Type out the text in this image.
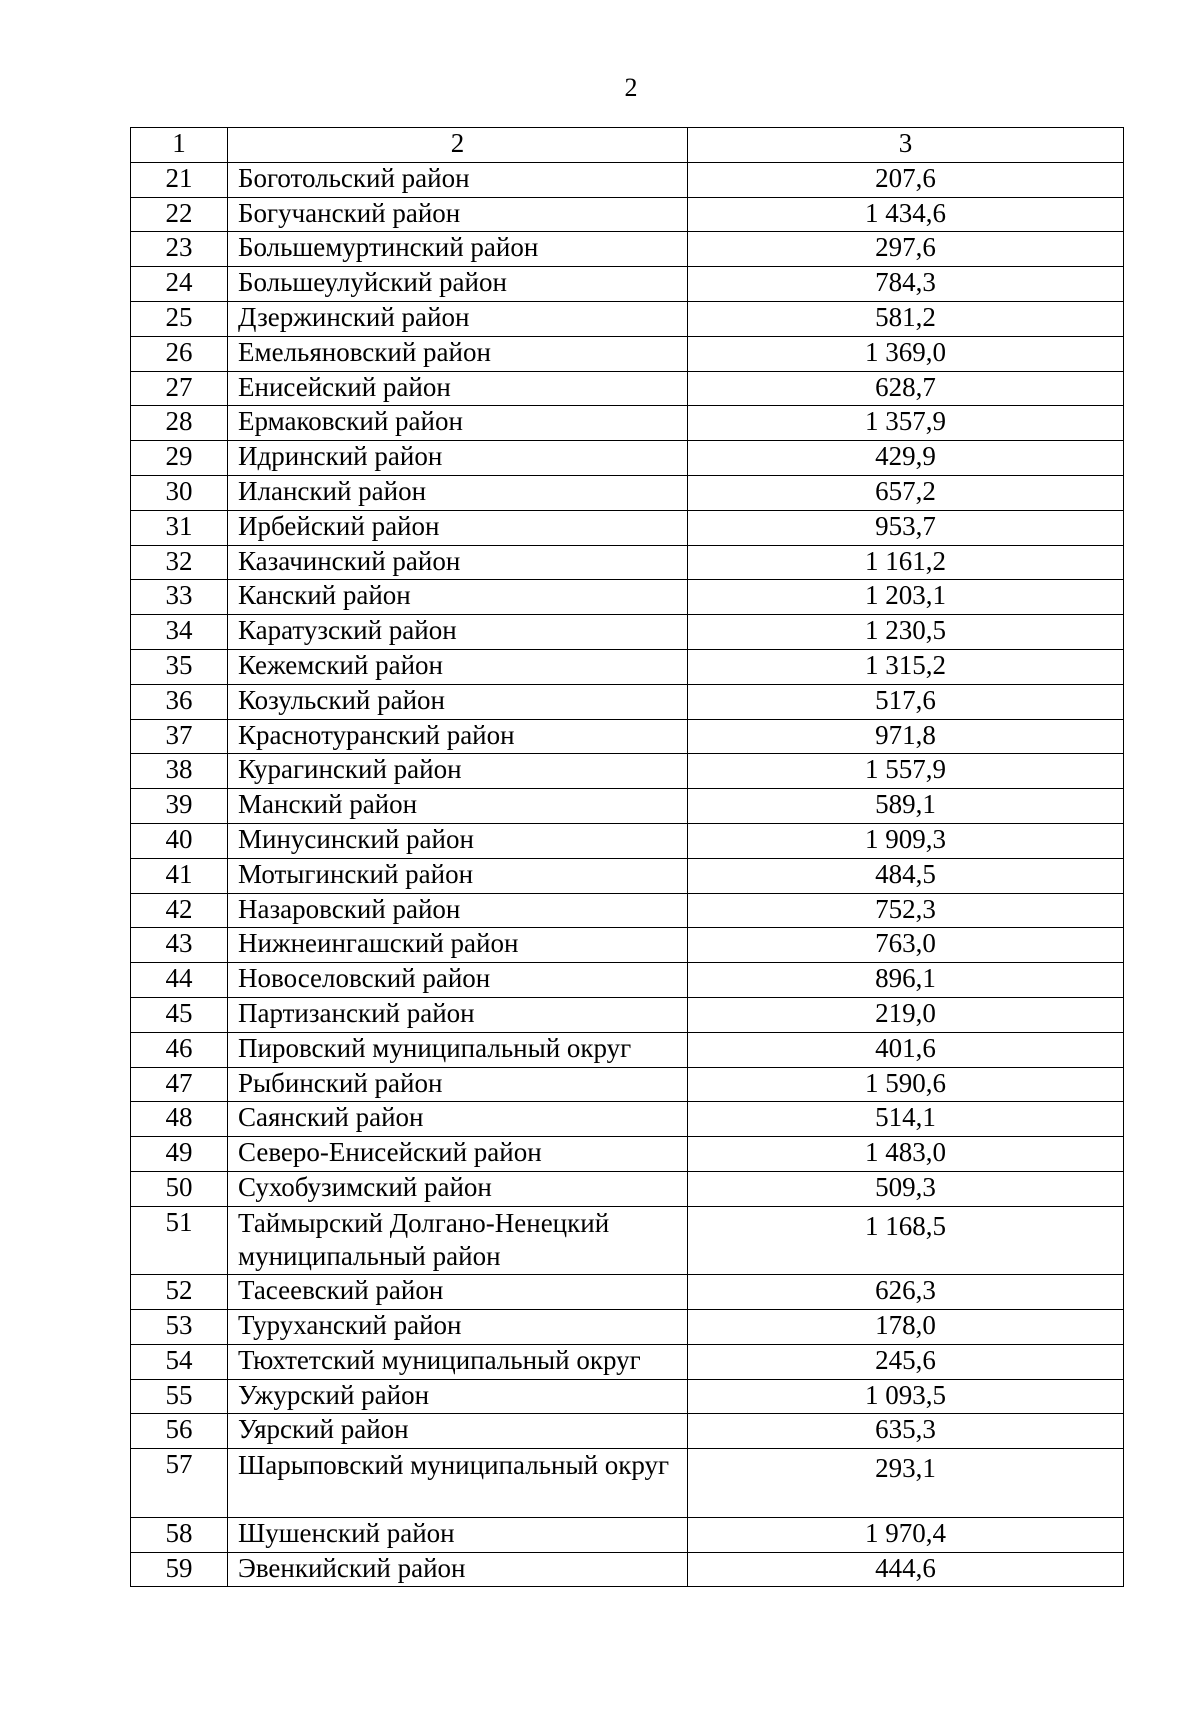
2
1	2	3
21	Боготольский район	207,6
22	Богучанский район	1 434,6
23	Большемуртинский район	297,6
24	Большеулуйский район	784,3
25	Дзержинский район	581,2
26	Емельяновский район	1 369,0
27	Енисейский район	628,7
28	Ермаковский район	1 357,9
29	Идринский район	429,9
30	Иланский район	657,2
31	Ирбейский район	953,7
32	Казачинский район	1 161,2
33	Канский район	1 203,1
34	Каратузский район	1 230,5
35	Кежемский район	1 315,2
36	Козульский район	517,6
37	Краснотуранский район	971,8
38	Курагинский район	1 557,9
39	Манский район	589,1
40	Минусинский район	1 909,3
41	Мотыгинский район	484,5
42	Назаровский район	752,3
43	Нижнеингашский район	763,0
44	Новоселовский район	896,1
45	Партизанский район	219,0
46	Пировский муниципальный округ	401,6
47	Рыбинский район	1 590,6
48	Саянский район	514,1
49	Северо-Енисейский район	1 483,0
50	Сухобузимский район	509,3
51	Таймырский Долгано-Ненецкий муниципальный район	1 168,5
52	Тасеевский район	626,3
53	Туруханский район	178,0
54	Тюхтетский муниципальный округ	245,6
55	Ужурский район	1 093,5
56	Уярский район	635,3
57	Шарыповский муниципальный округ	293,1
58	Шушенский район	1 970,4
59	Эвенкийский район	444,6
